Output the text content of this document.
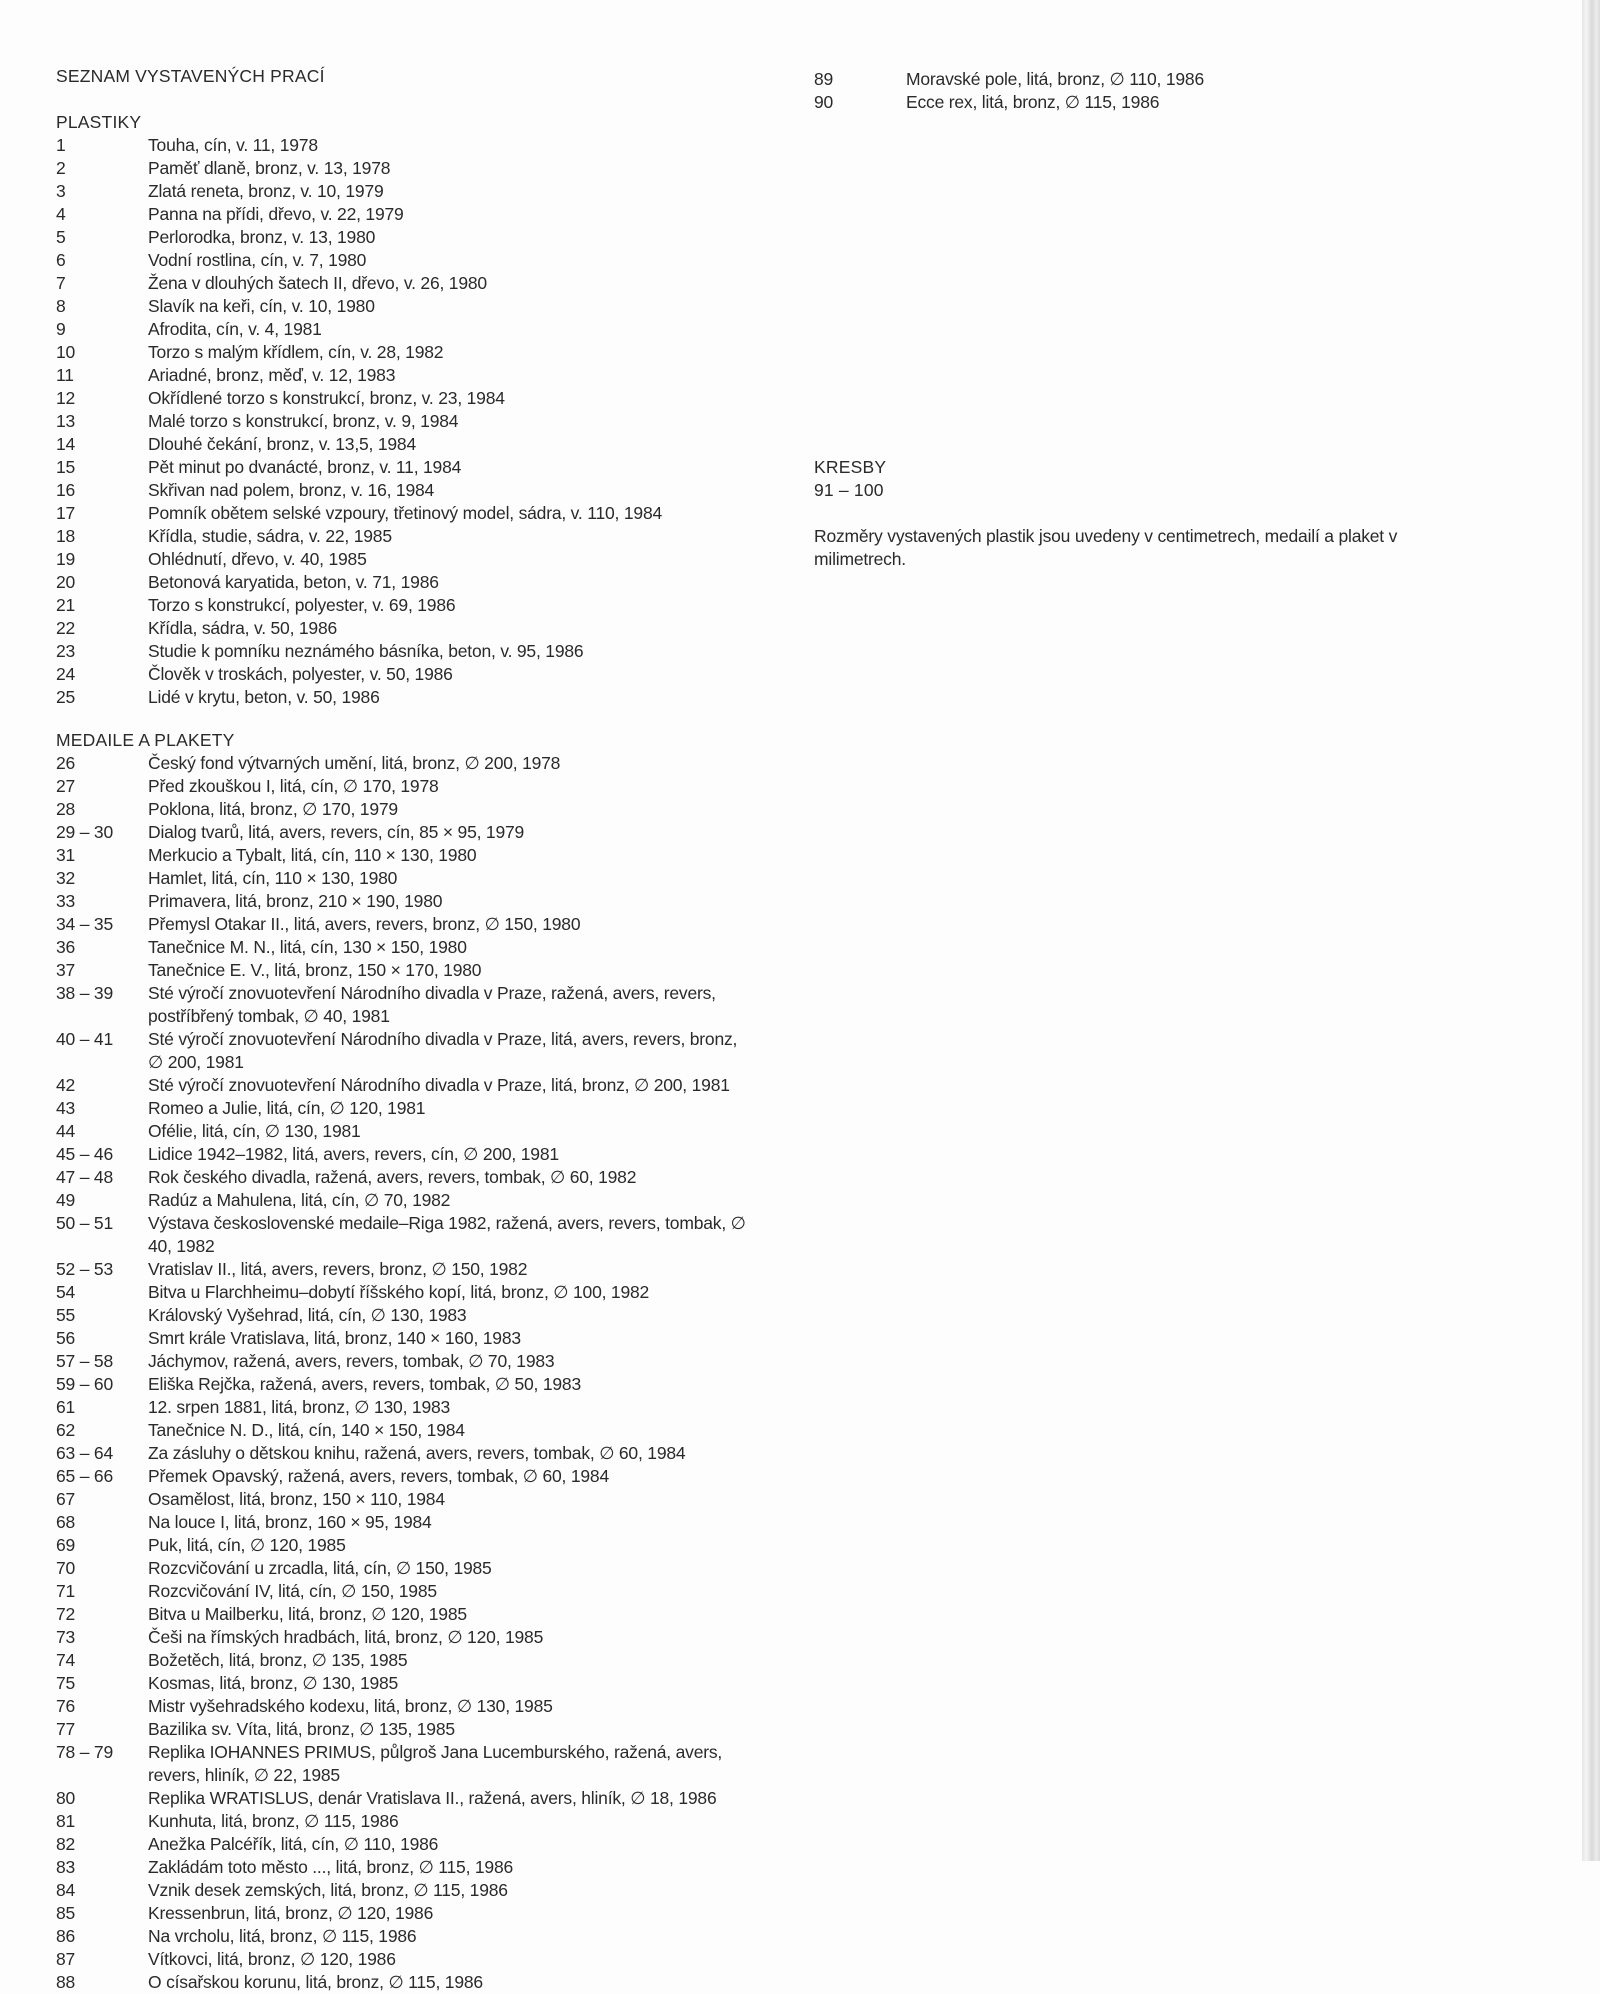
SEZNAM VYSTAVENÝCH PRACÍ
PLASTIKY
1	Touha, cín, v. 11, 1978
2	Paměť dlaně, bronz, v. 13, 1978
3	Zlatá reneta, bronz, v. 10, 1979
4	Panna na přídi, dřevo, v. 22, 1979
5	Perlorodka, bronz, v. 13, 1980
6	Vodní rostlina, cín, v. 7, 1980
7	Žena v dlouhých šatech II, dřevo, v. 26, 1980
8	Slavík na keři, cín, v. 10, 1980
9	Afrodita, cín, v. 4, 1981
10	Torzo s malým křídlem, cín, v. 28, 1982
11	Ariadné, bronz, měď, v. 12, 1983
12	Okřídlené torzo s konstrukcí, bronz, v. 23, 1984
13	Malé torzo s konstrukcí, bronz, v. 9, 1984
14	Dlouhé čekání, bronz, v. 13,5, 1984
15	Pět minut po dvanácté, bronz, v. 11, 1984
16	Skřivan nad polem, bronz, v. 16, 1984
17	Pomník obětem selské vzpoury, třetinový model, sádra, v. 110, 1984
18	Křídla, studie, sádra, v. 22, 1985
19	Ohlédnutí, dřevo, v. 40, 1985
20	Betonová karyatida, beton, v. 71, 1986
21	Torzo s konstrukcí, polyester, v. 69, 1986
22	Křídla, sádra, v. 50, 1986
23	Studie k pomníku neznámého básníka, beton, v. 95, 1986
24	Člověk v troskách, polyester, v. 50, 1986
25	Lidé v krytu, beton, v. 50, 1986
MEDAILE A PLAKETY
26	Český fond výtvarných umění, litá, bronz, ∅ 200, 1978
27	Před zkouškou I, litá, cín, ∅ 170, 1978
28	Poklona, litá, bronz, ∅ 170, 1979
29 – 30	Dialog tvarů, litá, avers, revers, cín, 85 × 95, 1979
31	Merkucio a Tybalt, litá, cín, 110 × 130, 1980
32	Hamlet, litá, cín, 110 × 130, 1980
33	Primavera, litá, bronz, 210 × 190, 1980
34 – 35	Přemysl Otakar II., litá, avers, revers, bronz, ∅ 150, 1980
36	Tanečnice M. N., litá, cín, 130 × 150, 1980
37	Tanečnice E. V., litá, bronz, 150 × 170, 1980
38 – 39	Sté výročí znovuotevření Národního divadla v Praze, ražená, avers, revers, postříbřený tombak, ∅ 40, 1981
40 – 41	Sté výročí znovuotevření Národního divadla v Praze, litá, avers, revers, bronz, ∅ 200, 1981
42	Sté výročí znovuotevření Národního divadla v Praze, litá, bronz, ∅ 200, 1981
43	Romeo a Julie, litá, cín, ∅ 120, 1981
44	Ofélie, litá, cín, ∅ 130, 1981
45 – 46	Lidice 1942–1982, litá, avers, revers, cín, ∅ 200, 1981
47 – 48	Rok českého divadla, ražená, avers, revers, tombak, ∅ 60, 1982
49	Radúz a Mahulena, litá, cín, ∅ 70, 1982
50 – 51	Výstava československé medaile–Riga 1982, ražená, avers, revers, tombak, ∅ 40, 1982
52 – 53	Vratislav II., litá, avers, revers, bronz, ∅ 150, 1982
54	Bitva u Flarchheimu–dobytí říšského kopí, litá, bronz, ∅ 100, 1982
55	Královský Vyšehrad, litá, cín, ∅ 130, 1983
56	Smrt krále Vratislava, litá, bronz, 140 × 160, 1983
57 – 58	Jáchymov, ražená, avers, revers, tombak, ∅ 70, 1983
59 – 60	Eliška Rejčka, ražená, avers, revers, tombak, ∅ 50, 1983
61	12. srpen 1881, litá, bronz, ∅ 130, 1983
62	Tanečnice N. D., litá, cín, 140 × 150, 1984
63 – 64	Za zásluhy o dětskou knihu, ražená, avers, revers, tombak, ∅ 60, 1984
65 – 66	Přemek Opavský, ražená, avers, revers, tombak, ∅ 60, 1984
67	Osamělost, litá, bronz, 150 × 110, 1984
68	Na louce I, litá, bronz, 160 × 95, 1984
69	Puk, litá, cín, ∅ 120, 1985
70	Rozcvičování u zrcadla, litá, cín, ∅ 150, 1985
71	Rozcvičování IV, litá, cín, ∅ 150, 1985
72	Bitva u Mailberku, litá, bronz, ∅ 120, 1985
73	Češi na římských hradbách, litá, bronz, ∅ 120, 1985
74	Božetěch, litá, bronz, ∅ 135, 1985
75	Kosmas, litá, bronz, ∅ 130, 1985
76	Mistr vyšehradského kodexu, litá, bronz, ∅ 130, 1985
77	Bazilika sv. Víta, litá, bronz, ∅ 135, 1985
78 – 79	Replika IOHANNES PRIMUS, půlgroš Jana Lucemburského, ražená, avers, revers, hliník, ∅ 22, 1985
80	Replika WRATISLUS, denár Vratislava II., ražená, avers, hliník, ∅ 18, 1986
81	Kunhuta, litá, bronz, ∅ 115, 1986
82	Anežka Palcéřík, litá, cín, ∅ 110, 1986
83	Zakládám toto město ..., litá, bronz, ∅ 115, 1986
84	Vznik desek zemských, litá, bronz, ∅ 115, 1986
85	Kressenbrun, litá, bronz, ∅ 120, 1986
86	Na vrcholu, litá, bronz, ∅ 115, 1986
87	Vítkovci, litá, bronz, ∅ 120, 1986
88	O císařskou korunu, litá, bronz, ∅ 115, 1986
89	Moravské pole, litá, bronz, ∅ 110, 1986
90	Ecce rex, litá, bronz, ∅ 115, 1986
KRESBY
91 – 100
Rozměry vystavených plastik jsou uvedeny v centimetrech, medailí a plaket v milimetrech.
